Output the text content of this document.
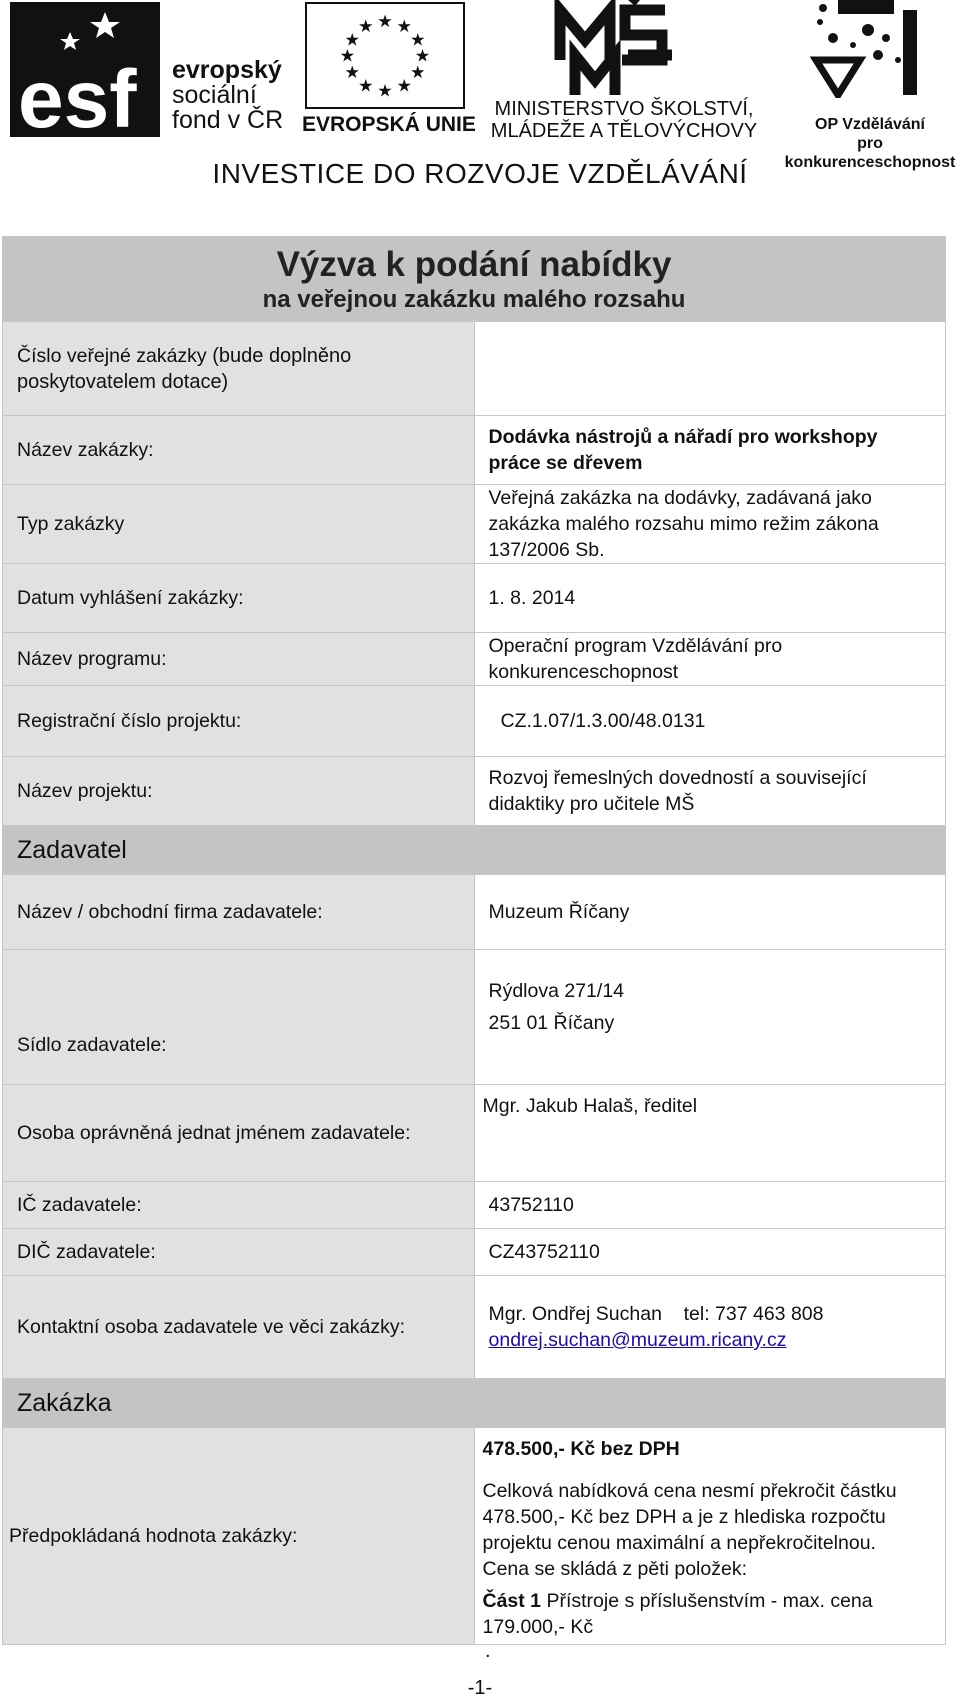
esf evropský
sociální
fond v ČR
★ ★
★
★
★
★
★
★
★
★
★
★
EVROPSKÁ UNIE
MINISTERSTVO ŠKOLSTVÍ,
MLÁDEŽE A TĚLOVÝCHOVY	OP Vzdělávání
pro konkurenceschopnost
INVESTICE DO ROZVOJE VZDĚLÁVÁNÍ
Výzva k podání nabídky
na veřejnou zakázku malého rozsahu	

Číslo veřejné zakázky (bude doplněno poskytovatelem dotace)	
Název zakázky:	Dodávka nástrojů a nářadí pro workshopy práce se dřevem
Typ zakázky	Veřejná zakázka na dodávky, zadávaná jako zakázka malého rozsahu mimo režim zákona 137/2006 Sb.
Datum vyhlášení zakázky:	1. 8. 2014
Název programu:	Operační program Vzdělávání pro konkurenceschopnost
Registrační číslo projektu:	CZ.1.07/1.3.00/48.0131
Název projektu:	Rozvoj řemeslných dovedností a související didaktiky pro učitele MŠ
Zadavatel	
Název / obchodní firma zadavatele:	Muzeum Říčany
Sídlo zadavatele:	Rýdlova 271/14
251 01 Říčany

Osoba oprávněná jednat jménem zadavatele:	Mgr. Jakub Halaš, ředitel
IČ zadavatele:	43752110
DIČ zadavatele:	CZ43752110
Kontaktní osoba zadavatele ve věci zakázky:	Mgr. Ondřej Suchan tel: 737 463 808
ondrej.suchan@muzeum.ricany.cz

Zakázka	
Předpokládaná hodnota zakázky:	478.500,- Kč bez DPH
Celková nabídková cena nesmí překročit částku 478.500,- Kč bez DPH a je z hlediska rozpočtu projektu cenou maximální a nepřekročitelnou.
Cena se skládá z pěti položek:
Část 1 Přístroje s příslušenstvím - max. cena 179.000,- Kč
.
-1-
